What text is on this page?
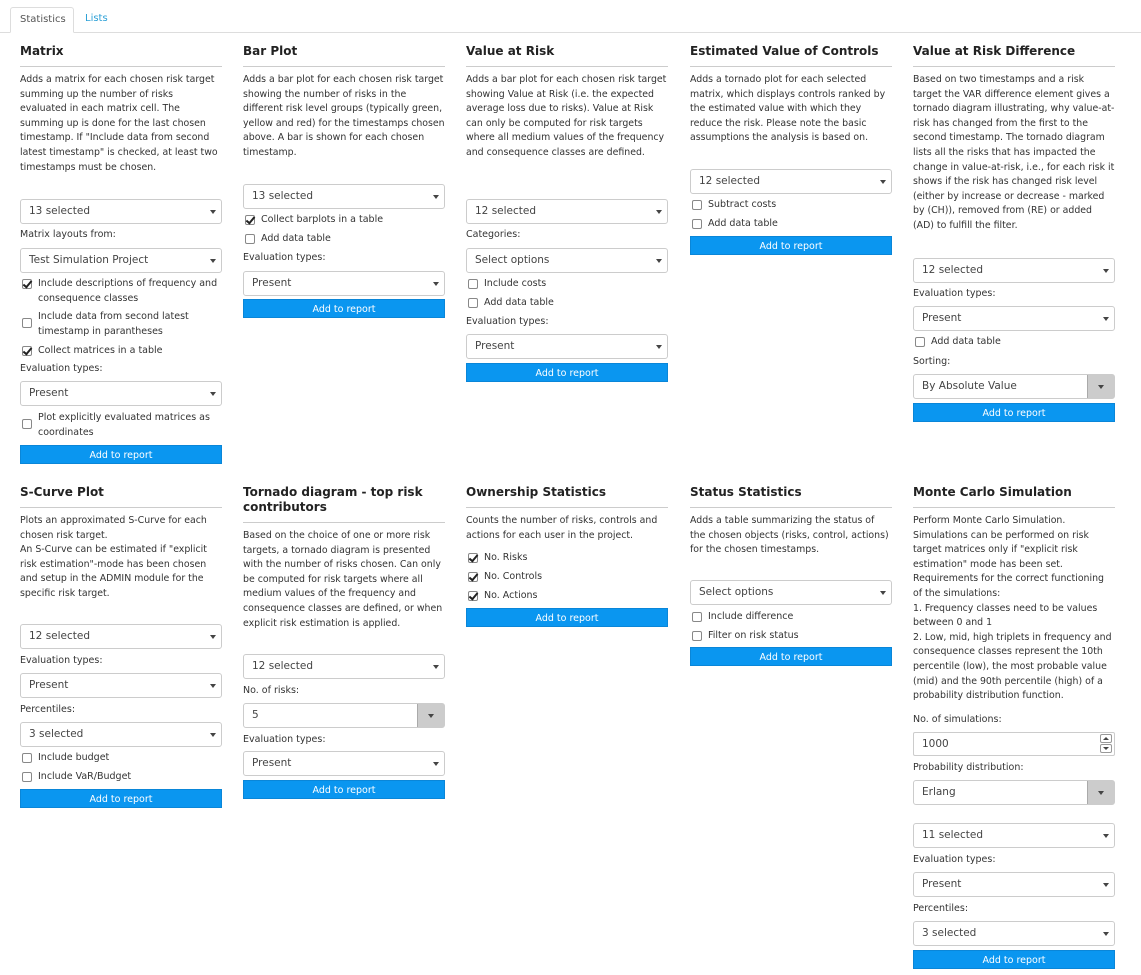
Statistics	Lists
Matrix
Adds a matrix for each chosen risk target summing up the number of risks evaluated in each matrix cell. The summing up is done for the last chosen timestamp. If "Include data from second latest timestamp" is checked, at least two timestamps must be chosen.
13 selected
Matrix layouts from:
Test Simulation Project
Include descriptions of frequency and consequence classes
Include data from second latest timestamp in parantheses
Collect matrices in a table
Evaluation types:
Present
Plot explicitly evaluated matrices as coordinates
Add to report
Bar Plot
Adds a bar plot for each chosen risk target showing the number of risks in the different risk level groups (typically green, yellow and red) for the timestamps chosen above. A bar is shown for each chosen timestamp.
13 selected
Collect barplots in a table
Add data table
Evaluation types:
Present
Add to report
Value at Risk
Adds a bar plot for each chosen risk target showing Value at Risk (i.e. the expected average loss due to risks). Value at Risk can only be computed for risk targets where all medium values of the frequency and consequence classes are defined.
12 selected
Categories:
Select options
Include costs
Add data table
Evaluation types:
Present
Add to report
Estimated Value of Controls
Adds a tornado plot for each selected matrix, which displays controls ranked by the estimated value with which they reduce the risk. Please note the basic assumptions the analysis is based on.
12 selected
Subtract costs
Add data table
Add to report
Value at Risk Difference
Based on two timestamps and a risk target the VAR difference element gives a tornado diagram illustrating, why value-at-risk has changed from the first to the second timestamp. The tornado diagram lists all the risks that has impacted the change in value-at-risk, i.e., for each risk it shows if the risk has changed risk level (either by increase or decrease - marked by (CH)), removed from (RE) or added (AD) to fulfill the filter.
12 selected
Evaluation types:
Present
Add data table
Sorting:
By Absolute Value
Add to report
S-Curve Plot

Plots an approximated S-Curve for each chosen risk target.

An S-Curve can be estimated if "explicit risk estimation"-mode has been chosen and setup in the ADMIN module for the specific risk target.

12 selected
Evaluation types:
Present
Percentiles:
3 selected
Include budget
Include VaR/Budget
Add to report
Tornado diagram - top risk contributors
Based on the choice of one or more risk targets, a tornado diagram is presented with the number of risks chosen. Can only be computed for risk targets where all medium values of the frequency and consequence classes are defined, or when explicit risk estimation is applied.
12 selected
No. of risks:
5
Evaluation types:
Present
Add to report
Ownership Statistics
Counts the number of risks, controls and actions for each user in the project.
No. Risks
No. Controls
No. Actions
Add to report
Status Statistics
Adds a table summarizing the status of the chosen objects (risks, control, actions) for the chosen timestamps.
Select options
Include difference
Filter on risk status
Add to report
Monte Carlo Simulation

Perform Monte Carlo Simulation. Simulations can be performed on risk target matrices only if "explicit risk estimation" mode has been set.

Requirements for the correct functioning of the simulations:

1. Frequency classes need to be values between 0 and 1

2. Low, mid, high triplets in frequency and consequence classes represent the 10th percentile (low), the most probable value (mid) and the 90th percentile (high) of a probability distribution function.

No. of simulations:
1000
Probability distribution:
Erlang
11 selected
Evaluation types:
Present
Percentiles:
3 selected
Add to report
